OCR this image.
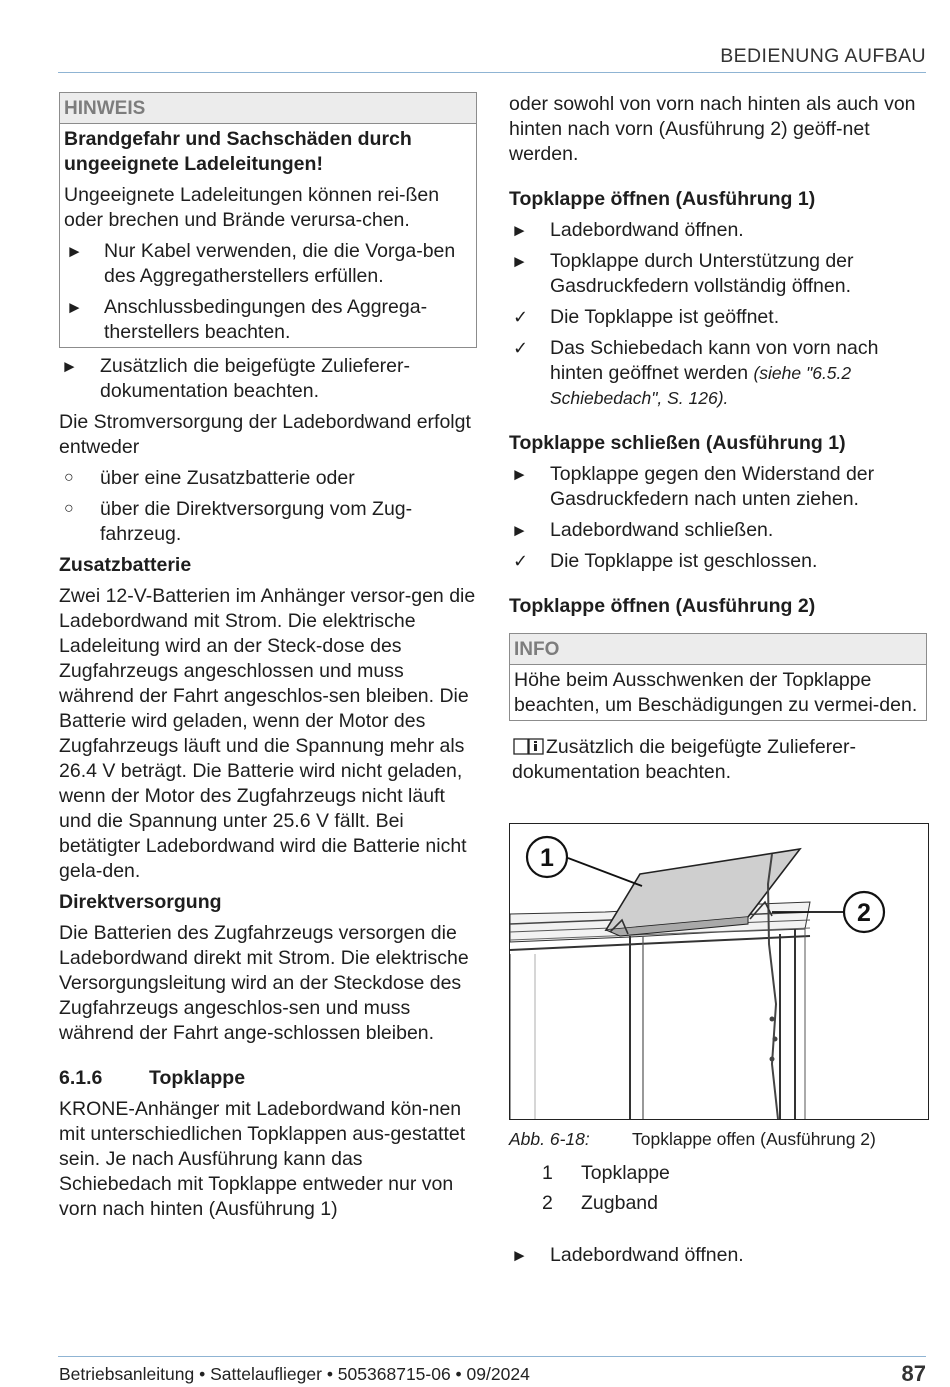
BEDIENUNG AUFBAU
HINWEIS

Brandgefahr und Sachschäden durch ungeeignete Ladeleitungen!

Ungeeignete Ladeleitungen können rei-ßen oder brechen und Brände verursa-chen.

► Nur Kabel verwenden, die die Vorga-ben des Aggregatherstellers erfüllen.
► Anschlussbedingungen des Aggrega-therstellers beachten.
► Zusätzlich die beigefügte Zulieferer-dokumentation beachten.

Die Stromversorgung der Ladebordwand erfolgt entweder

○ über eine Zusatzbatterie oder
○ über die Direktversorgung vom Zug-fahrzeug.

Zusatzbatterie

Zwei 12-V-Batterien im Anhänger versor-gen die Ladebordwand mit Strom. Die elektrische Ladeleitung wird an der Steck-dose des Zugfahrzeugs angeschlossen und muss während der Fahrt angeschlos-sen bleiben. Die Batterie wird geladen, wenn der Motor des Zugfahrzeugs läuft und die Spannung mehr als 26.4 V beträgt. Die Batterie wird nicht geladen, wenn der Motor des Zugfahrzeugs nicht läuft und die Spannung unter 25.6 V fällt. Bei betätigter Ladebordwand wird die Batterie nicht gela-den.

Direktversorgung

Die Batterien des Zugfahrzeugs versorgen die Ladebordwand direkt mit Strom. Die elektrische Versorgungsleitung wird an der Steckdose des Zugfahrzeugs angeschlos-sen und muss während der Fahrt ange-schlossen bleiben.

6.1.6 Topklappe

KRONE-Anhänger mit Ladebordwand kön-nen mit unterschiedlichen Topklappen aus-gestattet sein. Je nach Ausführung kann das Schiebedach mit Topklappe entweder nur von vorn nach hinten (Ausführung 1)

oder sowohl von vorn nach hinten als auch von hinten nach vorn (Ausführung 2) geöff-net werden.

Topklappe öffnen (Ausführung 1)

► Ladebordwand öffnen.
► Topklappe durch Unterstützung der Gasdruckfedern vollständig öffnen.
✓ Die Topklappe ist geöffnet.
✓ Das Schiebedach kann von vorn nach hinten geöffnet werden (siehe "6.5.2 Schiebedach", S. 126).

Topklappe schließen (Ausführung 1)

► Topklappe gegen den Widerstand der Gasdruckfedern nach unten ziehen.
► Ladebordwand schließen.
✓ Die Topklappe ist geschlossen.

Topklappe öffnen (Ausführung 2)

INFO

Höhe beim Ausschwenken der Topklappe beachten, um Beschädigungen zu vermei-den.

Zusätzlich die beigefügte Zulieferer-dokumentation beachten.
1
2
Abb. 6-18: Topklappe offen (Ausführung 2)
1 Topklappe
2 Zugband
► Ladebordwand öffnen.
Betriebsanleitung • Sattelauflieger • 505368715-06 • 09/2024	87
